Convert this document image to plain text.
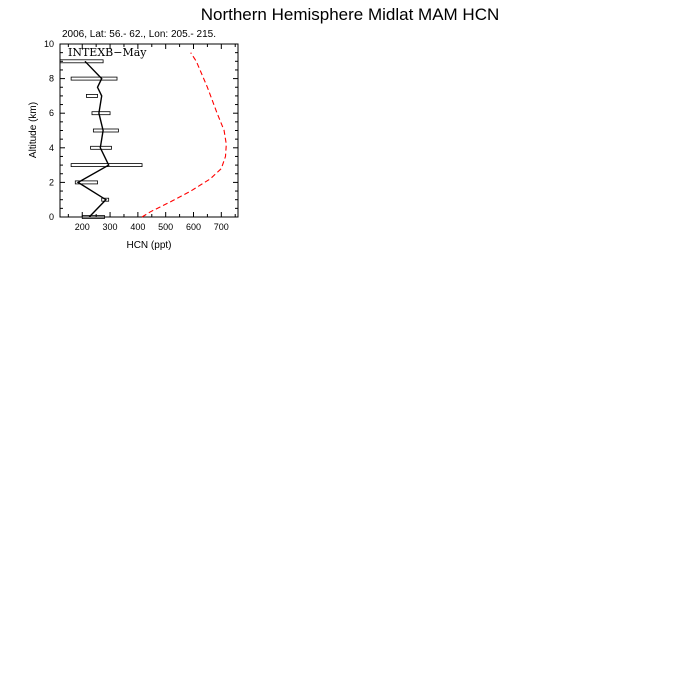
Northern Hemisphere Midlat MAM HCN
2006, Lat: 56.- 62., Lon: 205.- 215.
200 300 400 500 600 700
0
2
4
6
8
10
INTEXB−May
HCN (ppt)
Altitude (km)
